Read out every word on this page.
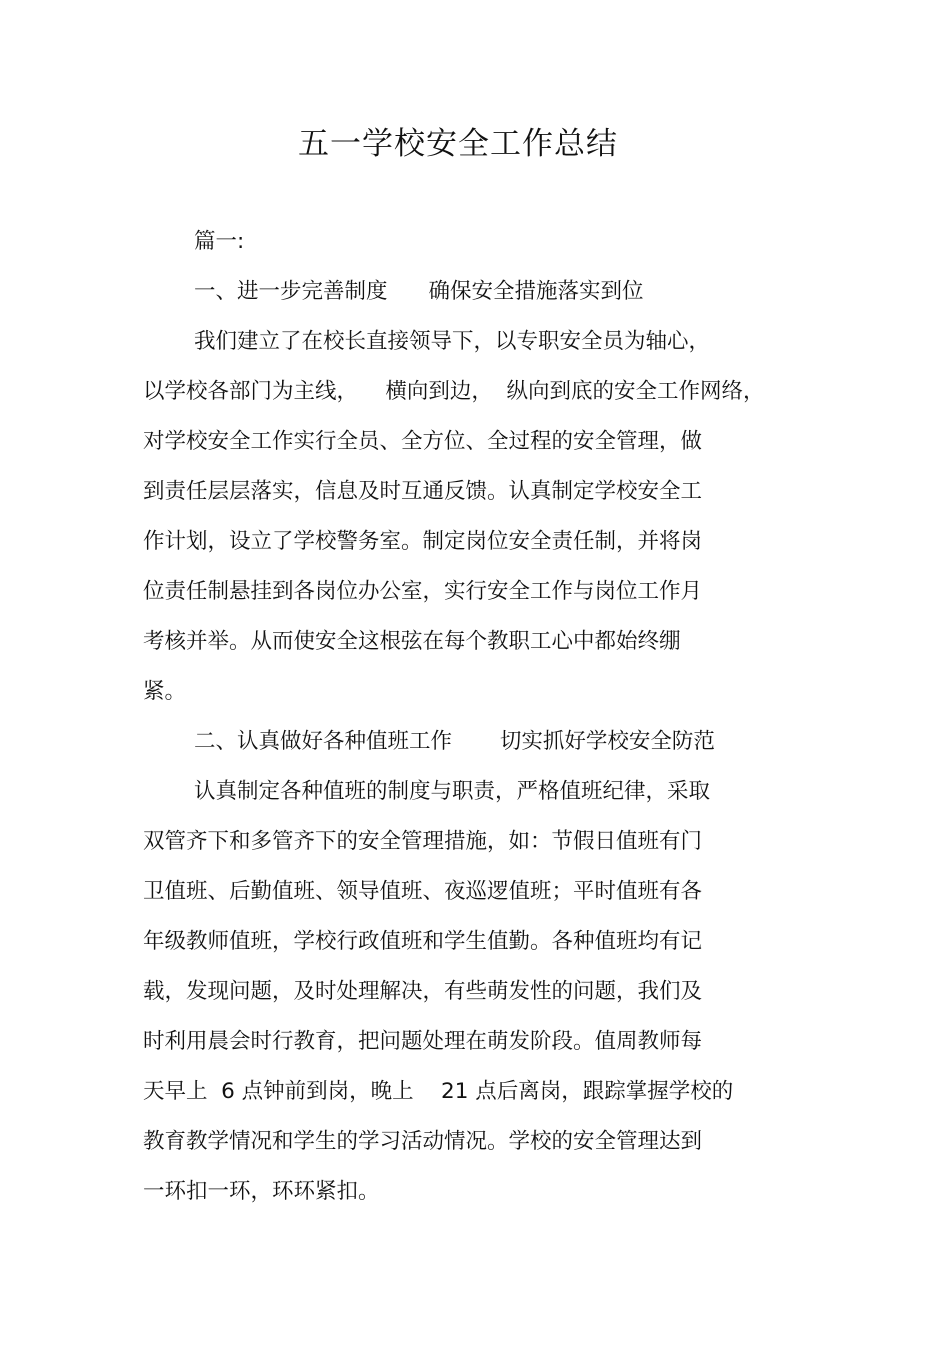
五一学校安全工作总结
篇一:
一、进一步完善制度      确保安全措施落实到位
我们建立了在校长直接领导下，以专职安全员为轴心，
以学校各部门为主线，    横向到边，  纵向到底的安全工作网络，
对学校安全工作实行全员、全方位、全过程的安全管理，做
到责任层层落实，信息及时互通反馈。认真制定学校安全工
作计划，设立了学校警务室。制定岗位安全责任制，并将岗
位责任制悬挂到各岗位办公室，实行安全工作与岗位工作月
考核并举。从而使安全这根弦在每个教职工心中都始终绷
紧。
二、认真做好各种值班工作       切实抓好学校安全防范
认真制定各种值班的制度与职责，严格值班纪律，采取
双管齐下和多管齐下的安全管理措施，如：节假日值班有门
卫值班、后勤值班、领导值班、夜巡逻值班；平时值班有各
年级教师值班，学校行政值班和学生值勤。各种值班均有记
载，发现问题，及时处理解决，有些萌发性的问题，我们及
时利用晨会时行教育，把问题处理在萌发阶段。值周教师每
天早上  6 点钟前到岗，晚上    21 点后离岗，跟踪掌握学校的
教育教学情况和学生的学习活动情况。学校的安全管理达到
一环扣一环，环环紧扣。
